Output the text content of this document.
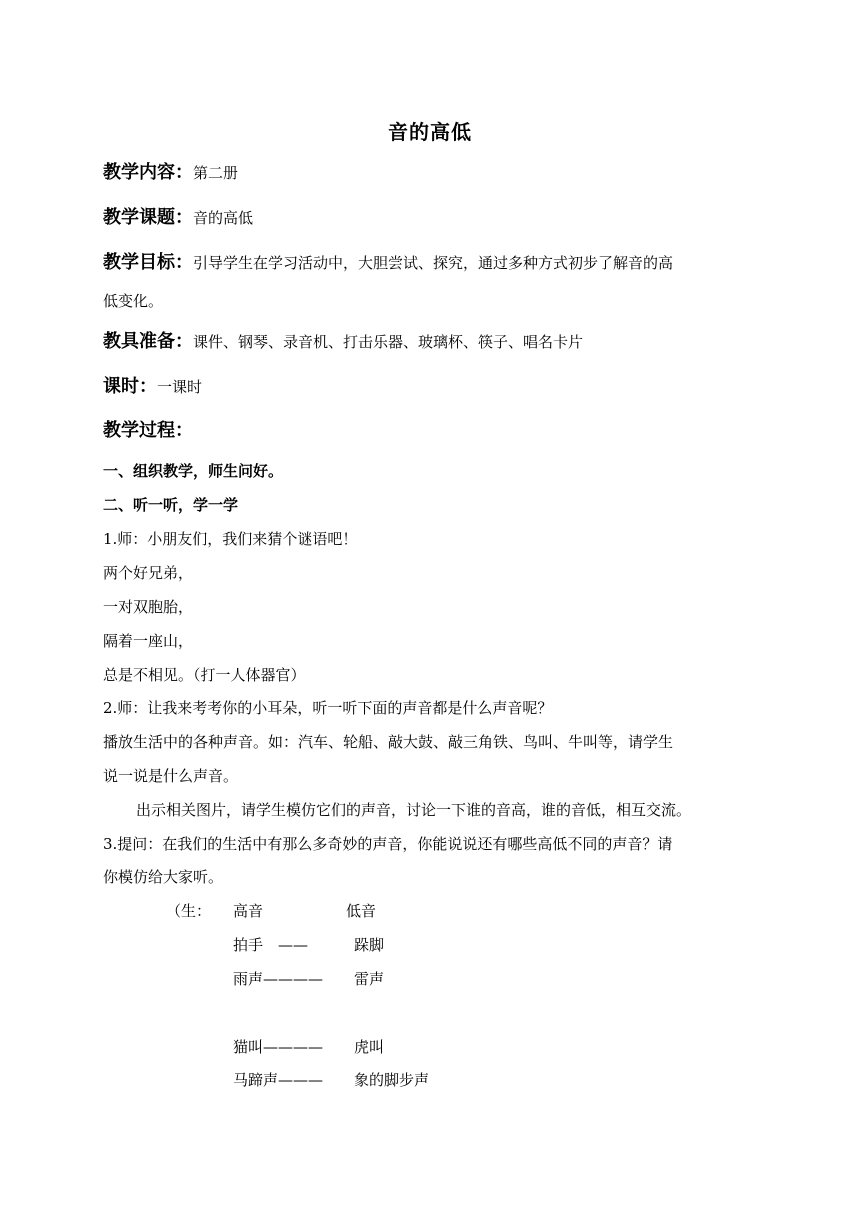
音的高低
教学内容：第二册
教学课题：音的高低
教学目标：引导学生在学习活动中，大胆尝试、探究，通过多种方式初步了解音的高
低变化。
教具准备：课件、钢琴、录音机、打击乐器、玻璃杯、筷子、唱名卡片
课时：一课时
教学过程：
一、组织教学，师生问好。
二、听一听，学一学
1.师：小朋友们，我们来猜个谜语吧！
两个好兄弟，
一对双胞胎，
隔着一座山，
总是不相见。（打一人体器官）
2.师：让我来考考你的小耳朵，听一听下面的声音都是什么声音呢？
播放生活中的各种声音。如：汽车、轮船、敲大鼓、敲三角铁、鸟叫、牛叫等，请学生
说一说是什么声音。
出示相关图片，请学生模仿它们的声音，讨论一下谁的音高，谁的音低，相互交流。
3.提问：在我们的生活中有那么多奇妙的声音，你能说说还有哪些高低不同的声音？请
你模仿给大家听。
（生： 高音	低音
拍手　——	跺脚
雨声———— 雷声
猫叫———— 虎叫
马蹄声——— 象的脚步声
